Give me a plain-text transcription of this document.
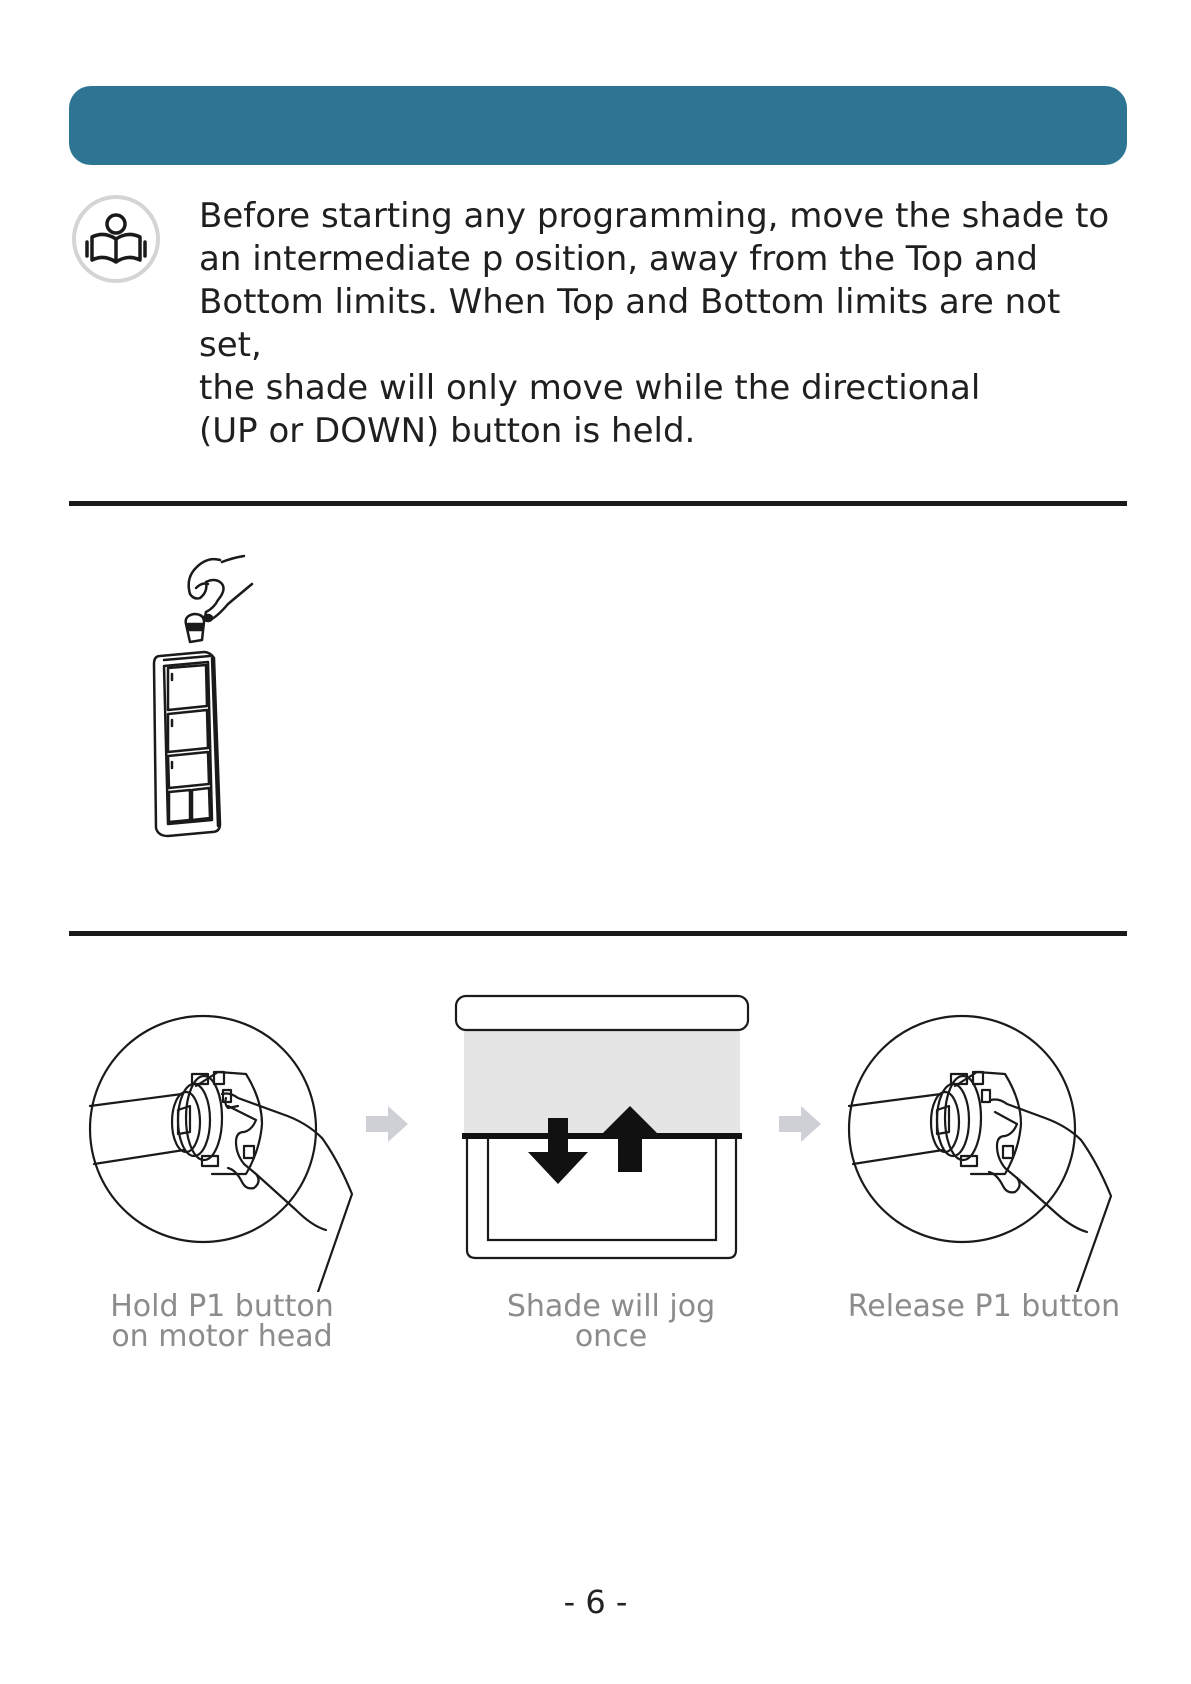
Before starting any programming, move the shade to
an intermediate p osition, away from the Top and
Bottom limits. When Top and Bottom limits are not set,
the shade will only move while the directional
(UP or DOWN) button is held.

Hold P1 button
on motor head

Shade will jog
once

Release P1 button

- 6 -
